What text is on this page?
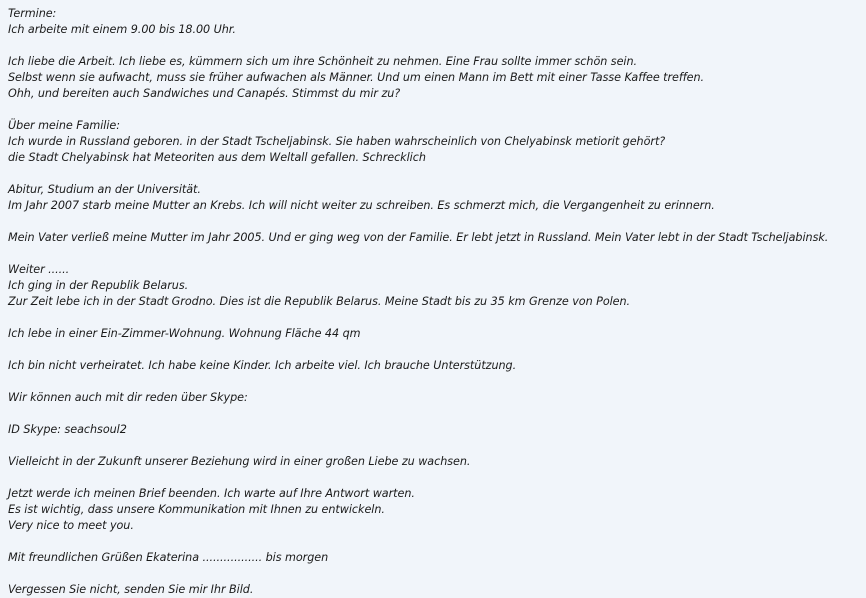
Termine:
Ich arbeite mit einem 9.00 bis 18.00 Uhr.
Ich liebe die Arbeit. Ich liebe es, kümmern sich um ihre Schönheit zu nehmen. Eine Frau sollte immer schön sein.
Selbst wenn sie aufwacht, muss sie früher aufwachen als Männer. Und um einen Mann im Bett mit einer Tasse Kaffee treffen.
Ohh, und bereiten auch Sandwiches und Canapés. Stimmst du mir zu?
Über meine Familie:
Ich wurde in Russland geboren. in der Stadt Tscheljabinsk. Sie haben wahrscheinlich von Chelyabinsk metiorit gehört?
die Stadt Chelyabinsk hat Meteoriten aus dem Weltall gefallen. Schrecklich
Abitur, Studium an der Universität.
Im Jahr 2007 starb meine Mutter an Krebs. Ich will nicht weiter zu schreiben. Es schmerzt mich, die Vergangenheit zu erinnern.
Mein Vater verließ meine Mutter im Jahr 2005. Und er ging weg von der Familie. Er lebt jetzt in Russland. Mein Vater lebt in der Stadt Tscheljabinsk.
Weiter ......
Ich ging in der Republik Belarus.
Zur Zeit lebe ich in der Stadt Grodno. Dies ist die Republik Belarus. Meine Stadt bis zu 35 km Grenze von Polen.
Ich lebe in einer Ein-Zimmer-Wohnung. Wohnung Fläche 44 qm
Ich bin nicht verheiratet. Ich habe keine Kinder. Ich arbeite viel. Ich brauche Unterstützung.
Wir können auch mit dir reden über Skype:
ID Skype: seachsoul2
Vielleicht in der Zukunft unserer Beziehung wird in einer großen Liebe zu wachsen.
Jetzt werde ich meinen Brief beenden. Ich warte auf Ihre Antwort warten.
Es ist wichtig, dass unsere Kommunikation mit Ihnen zu entwickeln.
Very nice to meet you.
Mit freundlichen Grüßen Ekaterina ................. bis morgen
Vergessen Sie nicht, senden Sie mir Ihr Bild.
